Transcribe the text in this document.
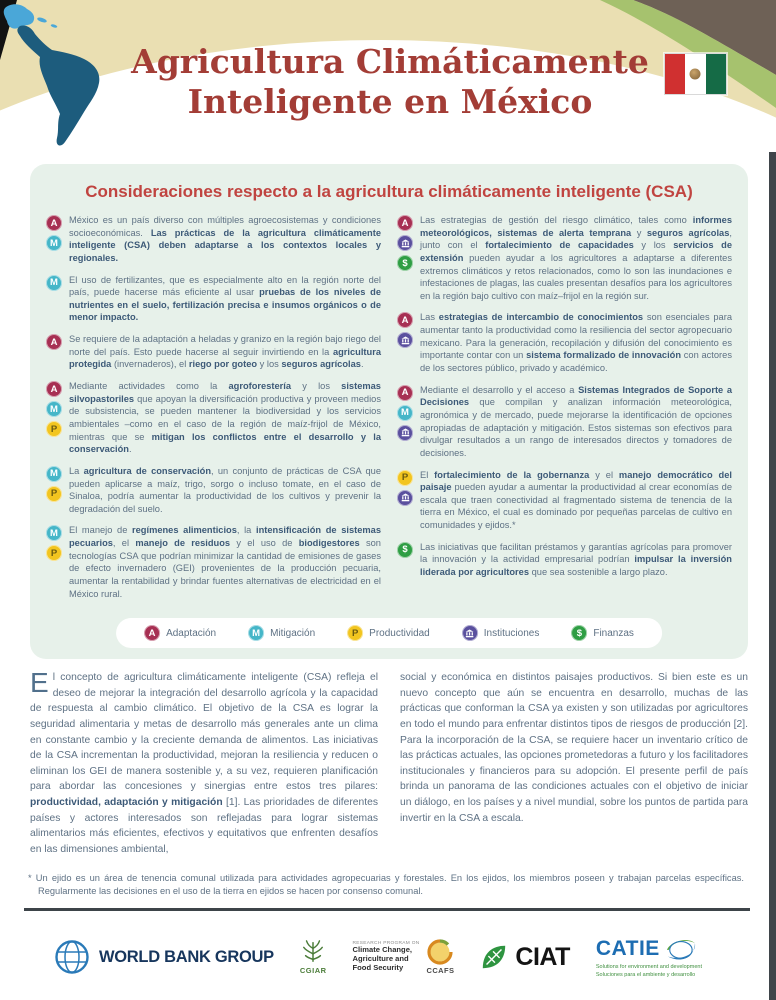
Agricultura Climáticamente
Inteligente en México
Consideraciones respecto a la agricultura climáticamente inteligente (CSA)
A
M

México es un país diverso con múltiples agroecosistemas y condiciones socioeconómicas. Las prácticas de la agricultura climáticamente inteligente (CSA) deben adaptarse a los contextos locales y regionales.

M	El uso de fertilizantes, que es especialmente alto en la región norte del país, puede hacerse más eficiente al usar pruebas de los niveles de nutrientes en el suelo, fertilización precisa e insumos orgánicos o de menor impacto.

A	Se requiere de la adaptación a heladas y granizo en la región bajo riego del norte del país. Esto puede hacerse al seguir invirtiendo en la agricultura protegida (invernaderos), el riego por goteo y los seguros agrícolas.

A
M
P

Mediante actividades como la agroforestería y los sistemas silvopastoriles que apoyan la diversificación productiva y proveen medios de subsistencia, se pueden mantener la biodiversidad y los servicios ambientales –como en el caso de la región de maíz-frijol de México, mientras que se mitigan los conflictos entre el desarrollo y la conservación.

M
P

La agricultura de conservación, un conjunto de prácticas de CSA que pueden aplicarse a maíz, trigo, sorgo o incluso tomate, en el caso de Sinaloa, podría aumentar la productividad de los cultivos y prevenir la degradación del suelo.

M
P

El manejo de regímenes alimenticios, la intensificación de sistemas pecuarios, el manejo de residuos y el uso de biodigestores son tecnologías CSA que podrían minimizar la cantidad de emisiones de gases de efecto invernadero (GEI) provenientes de la producción pecuaria, aumentar la rentabilidad y brindar fuentes alternativas de electricidad en el México rural.

A
$

Las estrategias de gestión del riesgo climático, tales como informes meteorológicos, sistemas de alerta temprana y seguros agrícolas, junto con el fortalecimiento de capacidades y los servicios de extensión pueden ayudar a los agricultores a adaptarse a diferentes extremos climáticos y retos relacionados, como lo son las inundaciones e infestaciones de plagas, las cuales presentan desafíos para los agricultores en la región bajo cultivo con maíz–frijol en la región sur.

A	Las estrategias de intercambio de conocimientos son esenciales para aumentar tanto la productividad como la resiliencia del sector agropecuario mexicano. Para la generación, recopilación y difusión del conocimiento es importante contar con un sistema formalizado de innovación con actores de los sectores público, privado y académico.

A
M

Mediante el desarrollo y el acceso a Sistemas Integrados de Soporte a Decisiones que compilan y analizan información meteorológica, agronómica y de mercado, puede mejorarse la identificación de opciones apropiadas de adaptación y mitigación. Estos sistemas son efectivos para divulgar resultados a un rango de interesados directos y tomadores de decisiones.

P	El fortalecimiento de la gobernanza y el manejo democrático del paisaje pueden ayudar a aumentar la productividad al crear economías de escala que traen conectividad al fragmentado sistema de tenencia de la tierra en México, el cual es dominado por pequeñas parcelas de cultivo en comunidades y ejidos.*

$	Las iniciativas que facilitan préstamos y garantías agrícolas para promover la innovación y la actividad empresarial podrían impulsar la inversión liderada por agricultores que sea sostenible a largo plazo.

A	Adaptación	M	Mitigación	P	Productividad	Instituciones	$	Finanzas

El concepto de agricultura climáticamente inteligente (CSA) refleja el deseo de mejorar la integración del desarrollo agrícola y la capacidad de respuesta al cambio climático. El objetivo de la CSA es lograr la seguridad alimentaria y metas de desarrollo más generales ante un clima en constante cambio y la creciente demanda de alimentos. Las iniciativas de la CSA incrementan la productividad, mejoran la resiliencia y reducen o eliminan los GEI de manera sostenible y, a su vez, requieren planificación para abordar las concesiones y sinergias entre estos tres pilares: productividad, adaptación y mitigación [1]. Las prioridades de diferentes países y actores interesados son reflejadas para lograr sistemas alimentarios más eficientes, efectivos y equitativos que enfrenten desafíos en las dimensiones ambiental,

social y económica en distintos paisajes productivos. Si bien este es un nuevo concepto que aún se encuentra en desarrollo, muchas de las prácticas que conforman la CSA ya existen y son utilizadas por agricultores en todo el mundo para enfrentar distintos tipos de riesgos de producción [2]. Para la incorporación de la CSA, se requiere hacer un inventario crítico de las prácticas actuales, las opciones prometedoras a futuro y los facilitadores institucionales y financieros para su adopción. El presente perfil de país brinda un panorama de las condiciones actuales con el objetivo de iniciar un diálogo, en los países y a nivel mundial, sobre los puntos de partida para invertir en la CSA a escala.

* Un ejido es un área de tenencia comunal utilizada para actividades agropecuarias y forestales. En los ejidos, los miembros poseen y trabajan parcelas específicas. Regularmente las decisiones en el uso de la tierra en ejidos se hacen por consenso comunal.
WORLD BANK GROUP
CGIAR
RESEARCH PROGRAM ON
Climate Change,
Agriculture and
Food Security	CCAFS CIAT CATIE
Solutions for environment and development
Soluciones para el ambiente y desarrollo
